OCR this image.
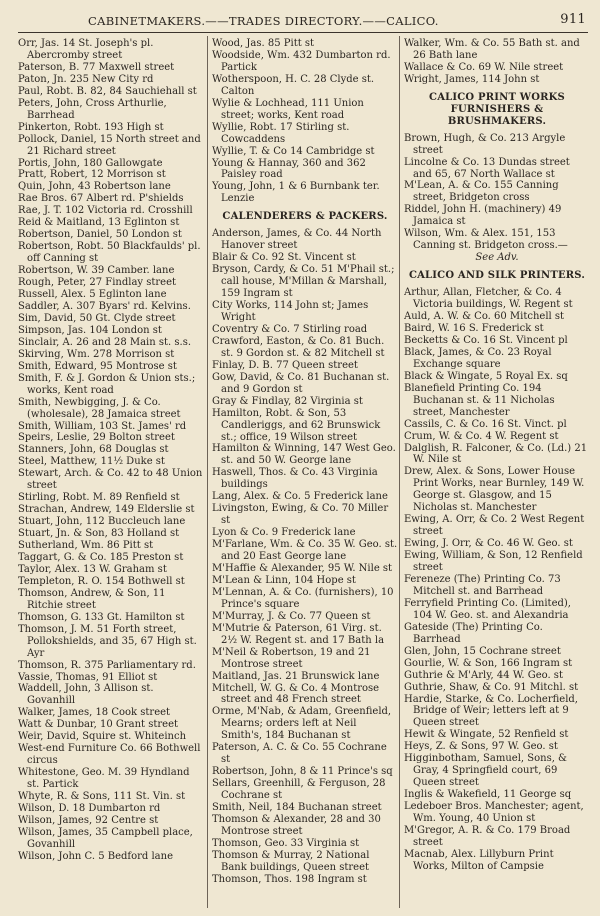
CABINETMAKERS.——TRADES DIRECTORY.——CALICO.	911

Orr, Jas. 14 St. Joseph's pl. Abercromby street

Paterson, B. 77 Maxwell street

Paton, Jn. 235 New City rd

Paul, Robt. B. 82, 84 Sauchiehall st

Peters, John, Cross Arthurlie, Barrhead

Pinkerton, Robt. 193 High st

Pollock, Daniel, 15 North street and 21 Richard street

Portis, John, 180 Gallowgate

Pratt, Robert, 12 Morrison st

Quin, John, 43 Robertson lane

Rae Bros. 67 Albert rd. P'shields

Rae, J. T. 102 Victoria rd. Crosshill

Reid & Maitland, 13 Eglinton st

Robertson, Daniel, 50 London st

Robertson, Robt. 50 Blackfaulds' pl. off Canning st

Robertson, W. 39 Camber. lane

Rough, Peter, 27 Findlay street

Russell, Alex. 5 Eglinton lane

Saddler, A. 307 Byars' rd. Kelvins.

Sim, David, 50 Gt. Clyde street

Simpson, Jas. 104 London st

Sinclair, A. 26 and 28 Main st. s.s.

Skirving, Wm. 278 Morrison st

Smith, Edward, 95 Montrose st

Smith, F. & J. Gordon & Union sts.; works, Kent road

Smith, Newbigging, J. & Co. (wholesale), 28 Jamaica street

Smith, William, 103 St. James' rd

Speirs, Leslie, 29 Bolton street

Stanners, John, 68 Douglas st

Steel, Matthew, 11½ Duke st

Stewart, Arch. & Co. 42 to 48 Union street

Stirling, Robt. M. 89 Renfield st

Strachan, Andrew, 149 Elderslie st

Stuart, John, 112 Buccleuch lane

Stuart, Jn. & Son, 83 Holland st

Sutherland, Wm. 86 Pitt st

Taggart, G. & Co. 185 Preston st

Taylor, Alex. 13 W. Graham st

Templeton, R. O. 154 Bothwell st

Thomson, Andrew, & Son, 11 Ritchie street

Thomson, G. 133 Gt. Hamilton st

Thomson, J. M. 51 Forth street, Pollokshields, and 35, 67 High st. Ayr

Thomson, R. 375 Parliamentary rd.

Vassie, Thomas, 91 Elliot st

Waddell, John, 3 Allison st. Govanhill

Walker, James, 18 Cook street

Watt & Dunbar, 10 Grant street

Weir, David, Squire st. Whiteinch

West-end Furniture Co. 66 Bothwell circus

Whitestone, Geo. M. 39 Hyndland st. Partick

Whyte, R. & Sons, 111 St. Vin. st

Wilson, D. 18 Dumbarton rd

Wilson, James, 92 Centre st

Wilson, James, 35 Campbell place, Govanhill

Wilson, John C. 5 Bedford lane

Wood, Jas. 85 Pitt st

Woodside, Wm. 432 Dumbarton rd. Partick

Wotherspoon, H. C. 28 Clyde st. Calton

Wylie & Lochhead, 111 Union street; works, Kent road

Wyllie, Robt. 17 Stirling st. Cowcaddens

Wyllie, T. & Co 14 Cambridge st

Young & Hannay, 360 and 362 Paisley road

Young, John, 1 & 6 Burnbank ter. Lenzie

CALENDERERS & PACKERS.

Anderson, James, & Co. 44 North Hanover street

Blair & Co. 92 St. Vincent st

Bryson, Cardy, & Co. 51 M'Phail st.; call house, M'Millan & Marshall, 159 Ingram st

City Works, 114 John st; James Wright

Coventry & Co. 7 Stirling road

Crawford, Easton, & Co. 81 Buch. st. 9 Gordon st. & 82 Mitchell st

Finlay, D. B. 77 Queen street

Gow, David, & Co. 81 Buchanan st. and 9 Gordon st

Gray & Findlay, 82 Virginia st

Hamilton, Robt. & Son, 53 Candleriggs, and 62 Brunswick st.; office, 19 Wilson street

Hamilton & Winning, 147 West Geo. st. and 50 W. George lane

Haswell, Thos. & Co. 43 Virginia buildings

Lang, Alex. & Co. 5 Frederick lane

Livingston, Ewing, & Co. 70 Miller st

Lyon & Co. 9 Frederick lane

M'Farlane, Wm. & Co. 35 W. Geo. st. and 20 East George lane

M'Haffie & Alexander, 95 W. Nile st

M'Lean & Linn, 104 Hope st

M'Lennan, A. & Co. (furnishers), 10 Prince's square

M'Murray, J. & Co. 77 Queen st

M'Mutrie & Paterson, 61 Virg. st. 2½ W. Regent st. and 17 Bath la

M'Neil & Robertson, 19 and 21 Montrose street

Maitland, Jas. 21 Brunswick lane

Mitchell, W. G. & Co. 4 Montrose street and 48 French street

Orme, M'Nab, & Adam, Greenfield, Mearns; orders left at Neil Smith's, 184 Buchanan st

Paterson, A. C. & Co. 55 Cochrane st

Robertson, John, 8 & 11 Prince's sq

Sellars, Greenhill, & Ferguson, 28 Cochrane st

Smith, Neil, 184 Buchanan street

Thomson & Alexander, 28 and 30 Montrose street

Thomson, Geo. 33 Virginia st

Thomson & Murray, 2 National Bank buildings, Queen street

Thomson, Thos. 198 Ingram st

Walker, Wm. & Co. 55 Bath st. and 26 Bath lane

Wallace & Co. 69 W. Nile street

Wright, James, 114 John st

CALICO PRINT WORKS FURNISHERS & BRUSHMAKERS.

Brown, Hugh, & Co. 213 Argyle street

Lincolne & Co. 13 Dundas street and 65, 67 North Wallace st

M'Lean, A. & Co. 155 Canning street, Bridgeton cross

Riddel, John H. (machinery) 49 Jamaica st

Wilson, Wm. & Alex. 151, 153 Canning st. Bridgeton cross.—

See Adv.

CALICO AND SILK PRINTERS.

Arthur, Allan, Fletcher, & Co. 4 Victoria buildings, W. Regent st

Auld, A. W. & Co. 60 Mitchell st

Baird, W. 16 S. Frederick st

Becketts & Co. 16 St. Vincent pl

Black, James, & Co. 23 Royal Exchange square

Black & Wingate, 5 Royal Ex. sq

Blanefield Printing Co. 194 Buchanan st. & 11 Nicholas street, Manchester

Cassils, C. & Co. 16 St. Vinct. pl

Crum, W. & Co. 4 W. Regent st

Dalglish, R. Falconer, & Co. (Ld.) 21 W. Nile st

Drew, Alex. & Sons, Lower House Print Works, near Burnley, 149 W. George st. Glasgow, and 15 Nicholas st. Manchester

Ewing, A. Orr, & Co. 2 West Regent street

Ewing, J. Orr, & Co. 46 W. Geo. st

Ewing, William, & Son, 12 Renfield street

Fereneze (The) Printing Co. 73 Mitchell st. and Barrhead

Ferryfield Printing Co. (Limited), 104 W. Geo. st. and Alexandria

Gateside (The) Printing Co. Barrhead

Glen, John, 15 Cochrane street

Gourlie, W. & Son, 166 Ingram st

Guthrie & M'Arly, 44 W. Geo. st

Guthrie, Shaw, & Co. 91 Mitchl. st

Hardie, Starke, & Co. Locherfield, Bridge of Weir; letters left at 9 Queen street

Hewit & Wingate, 52 Renfield st

Heys, Z. & Sons, 97 W. Geo. st

Higginbotham, Samuel, Sons, & Gray, 4 Springfield court, 69 Queen street

Inglis & Wakefield, 11 George sq

Ledeboer Bros. Manchester; agent, Wm. Young, 40 Union st

M'Gregor, A. R. & Co. 179 Broad street

Macnab, Alex. Lillyburn Print Works, Milton of Campsie
